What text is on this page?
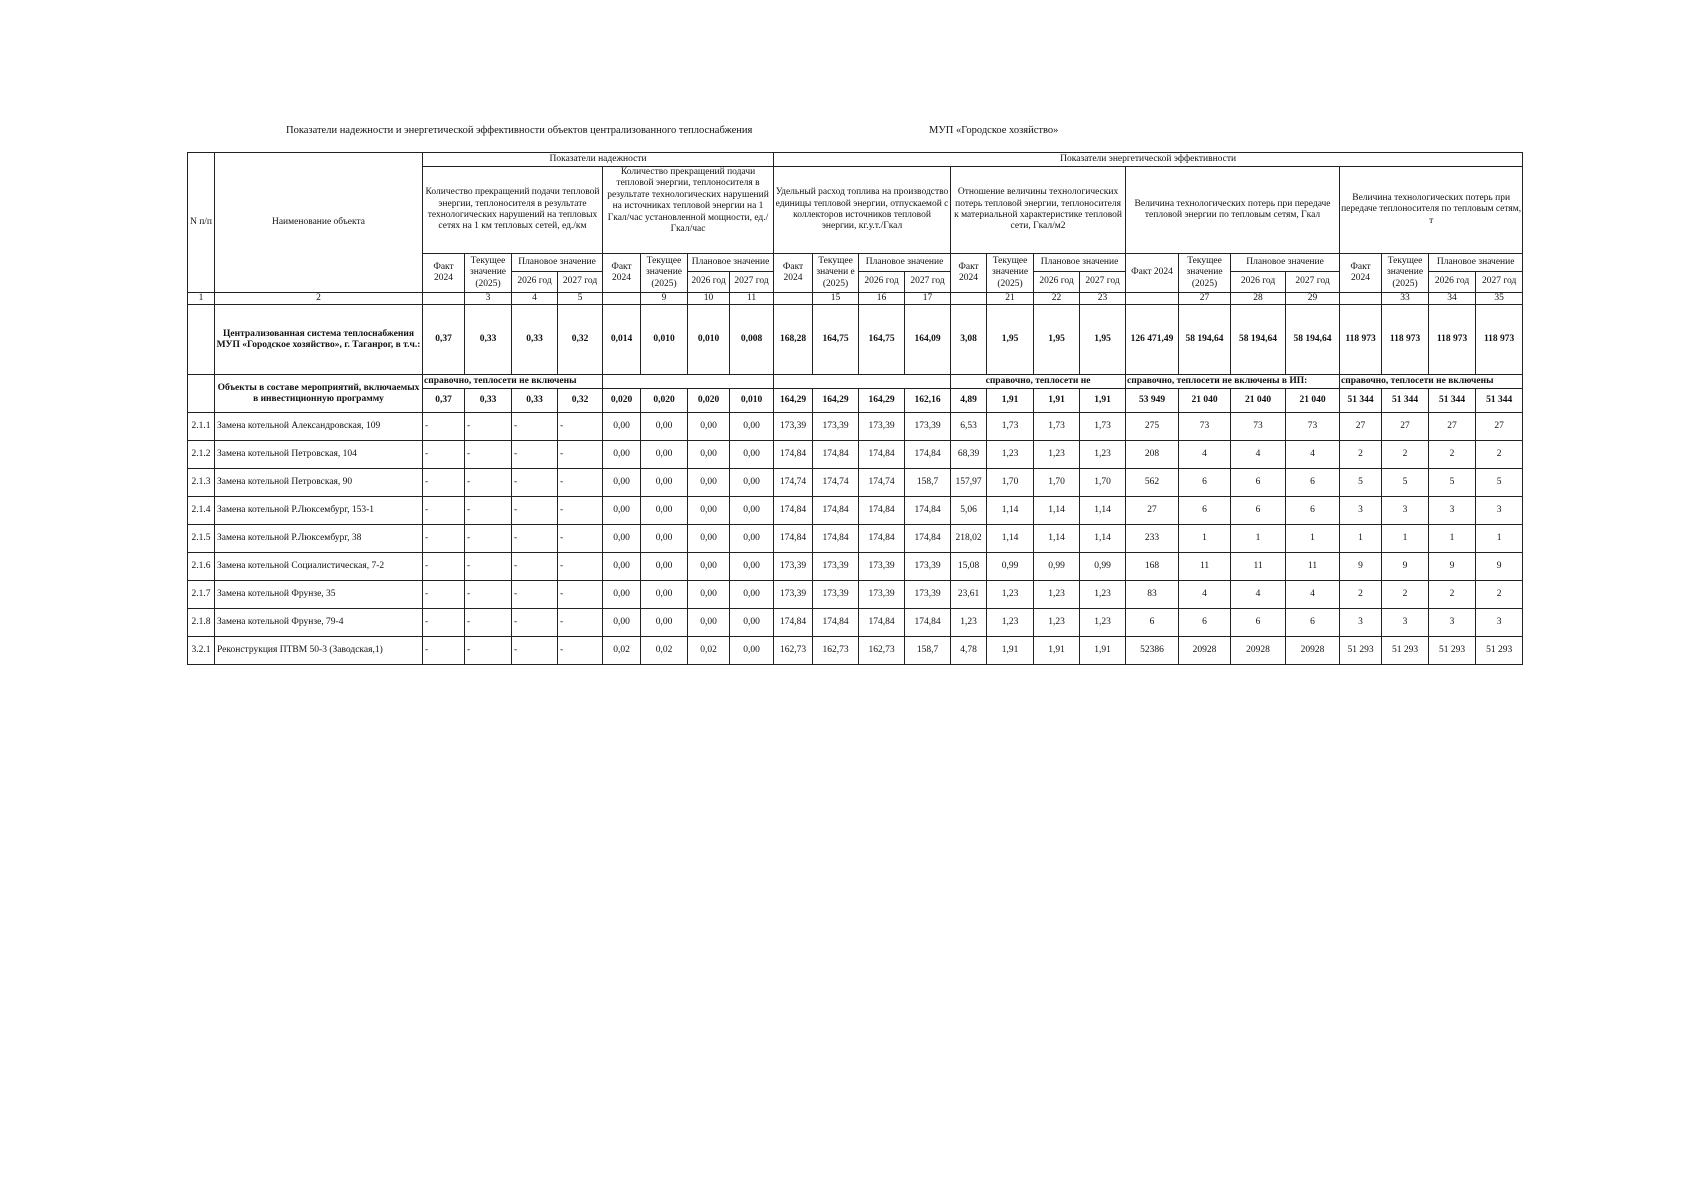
Показатели надежности и энергетической эффективности объектов централизованного теплоснабжения	МУП «Городское хозяйство»
N п/п	Наименование объекта	Показатели надежности								Показатели энергетической эффективности															
		Количество прекращений подачи тепловой энергии, теплоносителя в результате технологических нарушений на тепловых сетях на 1 км тепловых сетей, ед./км				Количество прекращений подачи тепловой энергии, теплоносителя в результате технологических нарушений на источниках тепловой энергии на 1 Гкал/час установленной мощности, ед./Гкал/час				Удельный расход топлива на производство единицы тепловой энергии, отпускаемой с коллекторов источников тепловой энергии, кг.у.т./Гкал				Отношение величины технологических потерь тепловой энергии, теплоносителя к материальной характеристике тепловой сети, Гкал/м2				Величина технологических потерь при передаче тепловой энергии по тепловым сетям, Гкал				Величина технологических потерь при передаче теплоносителя по тепловым сетям, т			
		Факт 2024	Текущее значение (2025)	Плановое значение		Факт 2024	Текущее значение (2025)	Плановое значение		Факт 2024	Текущее значени е (2025)	Плановое значение		Факт 2024	Текущее значение (2025)	Плановое значение		Факт 2024	Текущее значение (2025)	Плановое значение		Факт 2024	Текущее значение (2025)	Плановое значение	
				2026 год	2027 год			2026 год	2027 год			2026 год	2027 год			2026 год	2027 год			2026 год	2027 год			2026 год	2027 год
1	2		3	4	5		9	10	11		15	16	17		21	22	23		27	28	29		33	34	35
	Централизованная система теплоснабжения МУП «Городское хозяйство», г. Таганрог, в т.ч.:	0,37	0,33	0,33	0,32	0,014	0,010	0,010	0,008	168,28	164,75	164,75	164,09	3,08	1,95	1,95	1,95	126 471,49	58 194,64	58 194,64	58 194,64	118 973	118 973	118 973	118 973
	Объекты в составе мероприятий, включаемых в инвестиционную программу	справочно, теплосети не включены												справочно, теплосети не				справочно, теплосети не включены в ИП:				справочно, теплосети не включены			
		0,37	0,33	0,33	0,32	0,020	0,020	0,020	0,010	164,29	164,29	164,29	162,16	4,89	1,91	1,91	1,91	53 949	21 040	21 040	21 040	51 344	51 344	51 344	51 344
2.1.1	Замена котельной Александровская, 109	-	-	-	-	0,00	0,00	0,00	0,00	173,39	173,39	173,39	173,39	6,53	1,73	1,73	1,73	275	73	73	73	27	27	27	27
2.1.2	Замена котельной Петровская, 104	-	-	-	-	0,00	0,00	0,00	0,00	174,84	174,84	174,84	174,84	68,39	1,23	1,23	1,23	208	4	4	4	2	2	2	2
2.1.3	Замена котельной Петровская, 90	-	-	-	-	0,00	0,00	0,00	0,00	174,74	174,74	174,74	158,7	157,97	1,70	1,70	1,70	562	6	6	6	5	5	5	5
2.1.4	Замена котельной Р.Люксембург, 153-1	-	-	-	-	0,00	0,00	0,00	0,00	174,84	174,84	174,84	174,84	5,06	1,14	1,14	1,14	27	6	6	6	3	3	3	3
2.1.5	Замена котельной Р.Люксембург, 38	-	-	-	-	0,00	0,00	0,00	0,00	174,84	174,84	174,84	174,84	218,02	1,14	1,14	1,14	233	1	1	1	1	1	1	1
2.1.6	Замена котельной Социалистическая, 7-2	-	-	-	-	0,00	0,00	0,00	0,00	173,39	173,39	173,39	173,39	15,08	0,99	0,99	0,99	168	11	11	11	9	9	9	9
2.1.7	Замена котельной Фрунзе, 35	-	-	-	-	0,00	0,00	0,00	0,00	173,39	173,39	173,39	173,39	23,61	1,23	1,23	1,23	83	4	4	4	2	2	2	2
2.1.8	Замена котельной Фрунзе, 79-4	-	-	-	-	0,00	0,00	0,00	0,00	174,84	174,84	174,84	174,84	1,23	1,23	1,23	1,23	6	6	6	6	3	3	3	3
3.2.1	Реконструкция ПТВМ 50-3 (Заводская,1)	-	-	-	-	0,02	0,02	0,02	0,00	162,73	162,73	162,73	158,7	4,78	1,91	1,91	1,91	52386	20928	20928	20928	51 293	51 293	51 293	51 293
